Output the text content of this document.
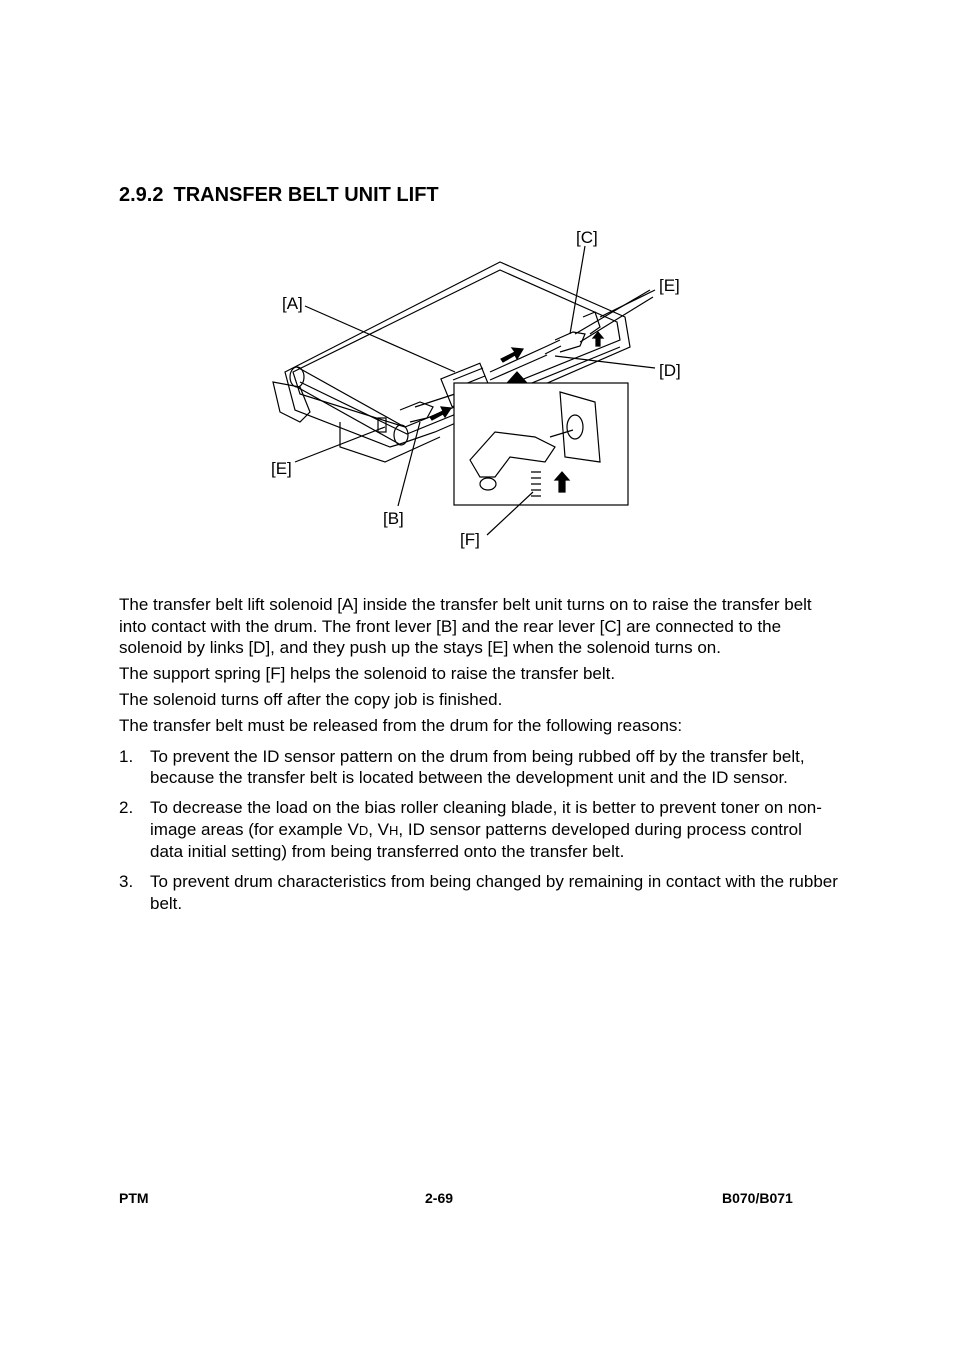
2.9.2 TRANSFER BELT UNIT LIFT
[A]
[C]
[E]
[D]
[E]
[B]
[F]

The transfer belt lift solenoid [A] inside the transfer belt unit turns on to raise the transfer belt into contact with the drum. The front lever [B] and the rear lever [C] are connected to the solenoid by links [D], and they push up the stays [E] when the solenoid turns on.

The support spring [F] helps the solenoid to raise the transfer belt.

The solenoid turns off after the copy job is finished.

The transfer belt must be released from the drum for the following reasons:

1. To prevent the ID sensor pattern on the drum from being rubbed off by the transfer belt, because the transfer belt is located between the development unit and the ID sensor.
2. To decrease the load on the bias roller cleaning blade, it is better to prevent toner on non-image areas (for example VD, VH, ID sensor patterns developed during process control data initial setting) from being transferred onto the transfer belt.
3. To prevent drum characteristics from being changed by remaining in contact with the rubber belt.
PTM	2-69	B070/B071
